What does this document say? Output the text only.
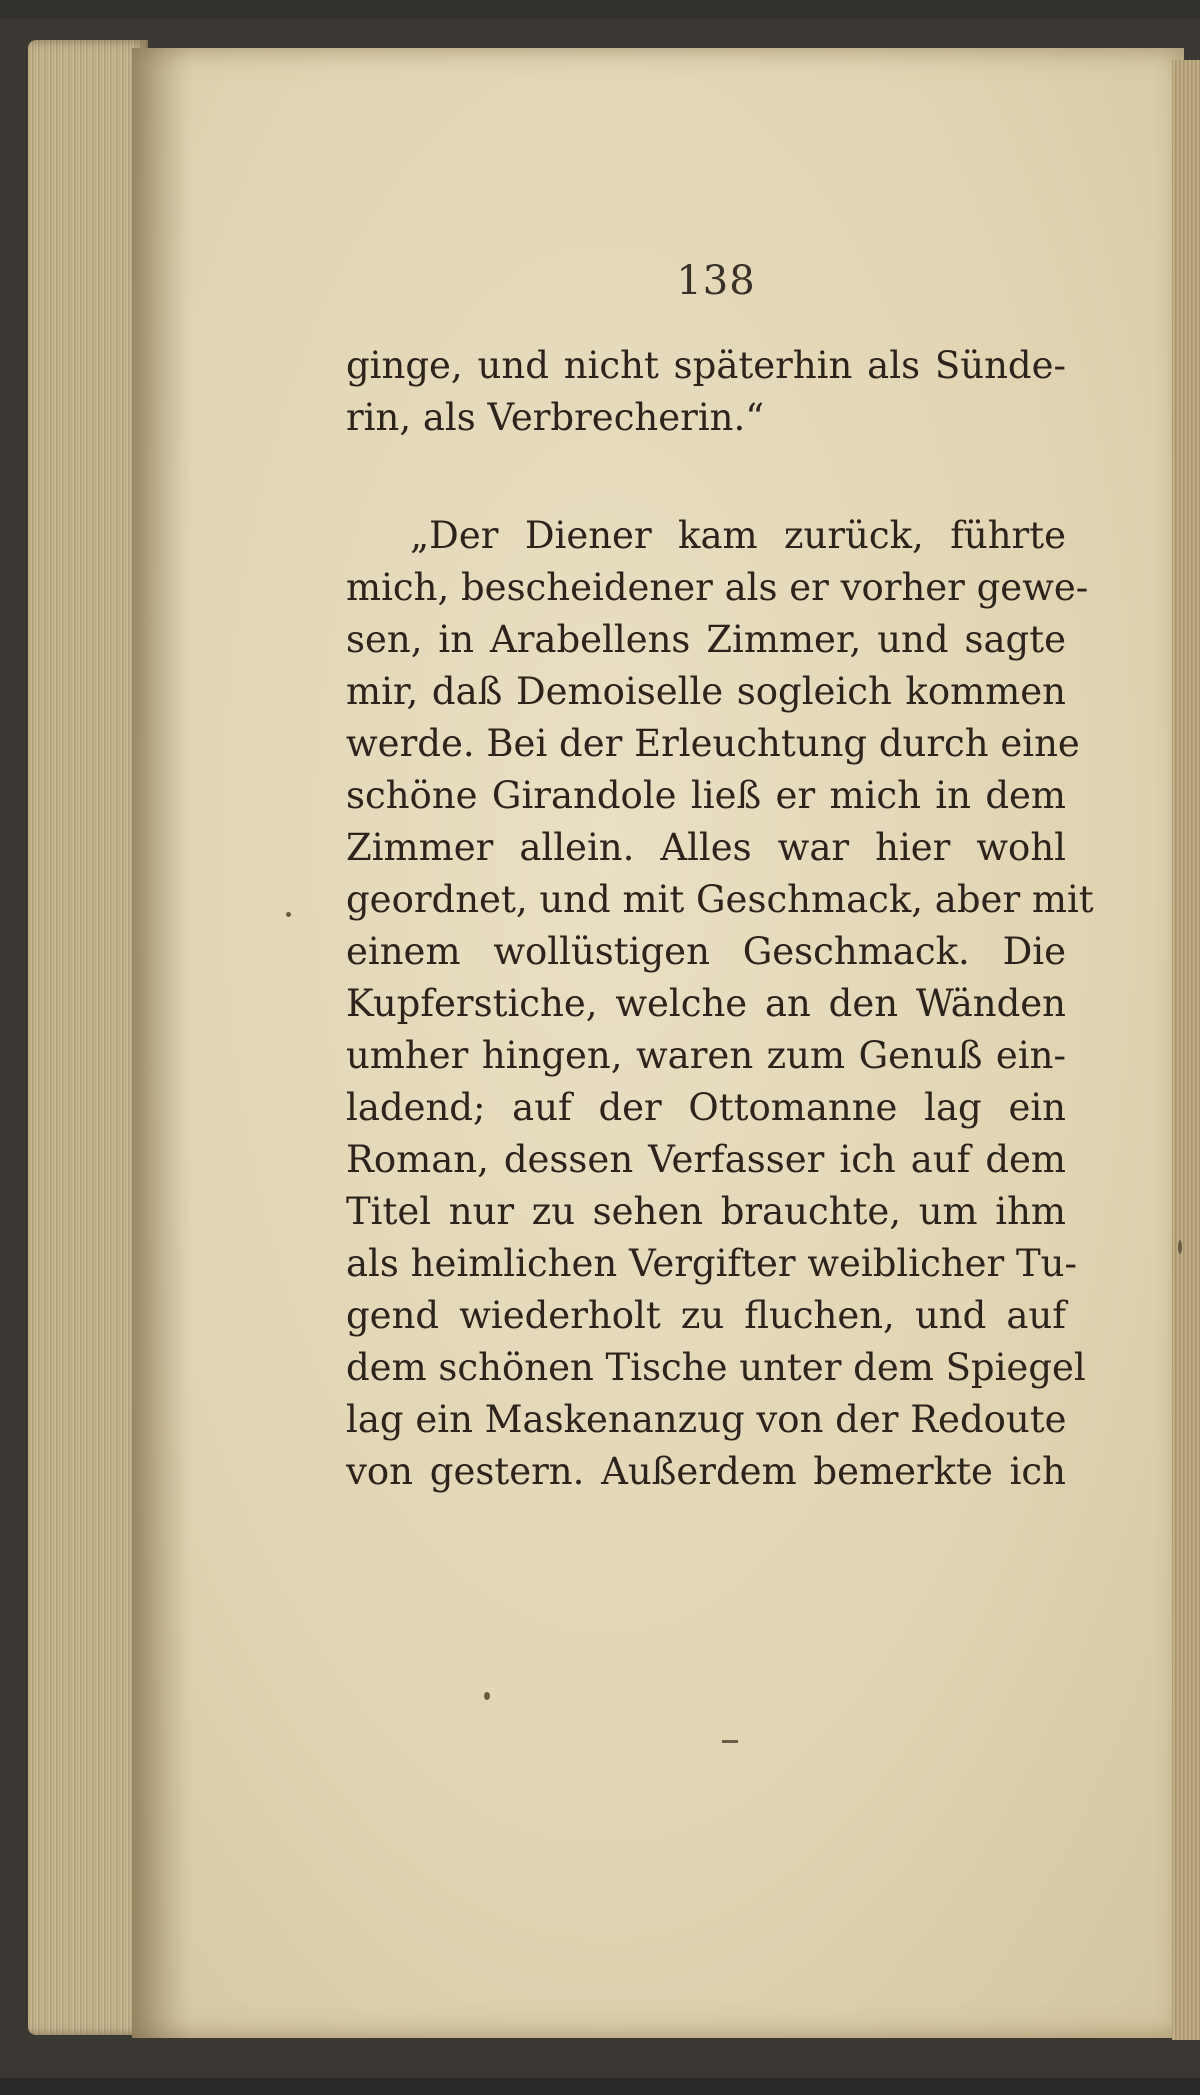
138
ginge, und nicht späterhin als Sünde-
rin, als Verbrecherin.“
„Der Diener kam zurück, führte
mich, bescheidener als er vorher gewe-
sen, in Arabellens Zimmer, und sagte
mir, daß Demoiselle sogleich kommen
werde. Bei der Erleuchtung durch eine
schöne Girandole ließ er mich in dem
Zimmer allein. Alles war hier wohl
geordnet, und mit Geschmack, aber mit
einem wollüstigen Geschmack. Die
Kupferstiche, welche an den Wänden
umher hingen, waren zum Genuß ein-
ladend; auf der Ottomanne lag ein
Roman, dessen Verfasser ich auf dem
Titel nur zu sehen brauchte, um ihm
als heimlichen Vergifter weiblicher Tu-
gend wiederholt zu fluchen, und auf
dem schönen Tische unter dem Spiegel
lag ein Maskenanzug von der Redoute
von gestern. Außerdem bemerkte ich
